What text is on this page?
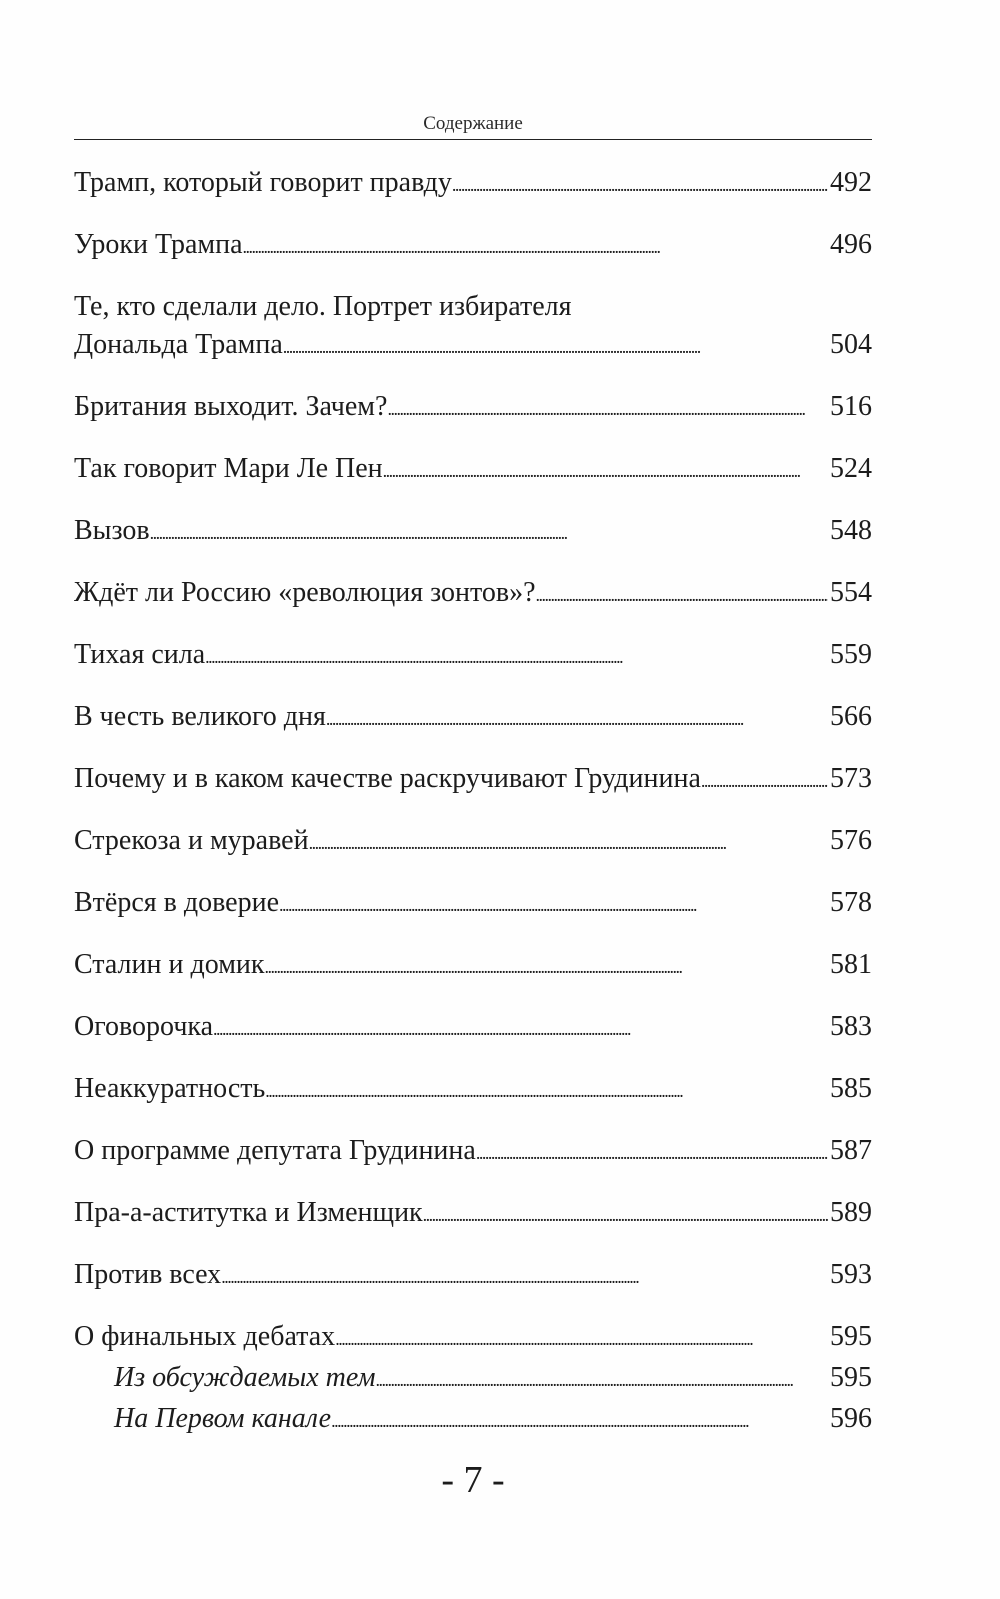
Содержание
Трамп, который говорит правду . . .	492
Уроки Трампа . . .	496
Те, кто сделали дело. Портрет избирателя
Дональда Трампа . . .	504
Британия выходит. Зачем? . . .	516
Так говорит Мари Ле Пен . . .	524
Вызов . . .	548
Ждёт ли Россию «революция зонтов»? . . .	554
Тихая сила . . .	559
В честь великого дня . . .	566
Почему и в каком качестве раскручивают Грудинина . . .	573
Стрекоза и муравей . . .	576
Втёрся в доверие . . .	578
Сталин и домик . . .	581
Оговорочка . . .	583
Неаккуратность . . .	585
О программе депутата Грудинина . . .	587
Пра-а-аститутка и Изменщик . . .	589
Против всех . . .	593
О финальных дебатах . . .	595
Из обсуждаемых тем . . .	595
На Первом канале . . .	596
- 7 -
